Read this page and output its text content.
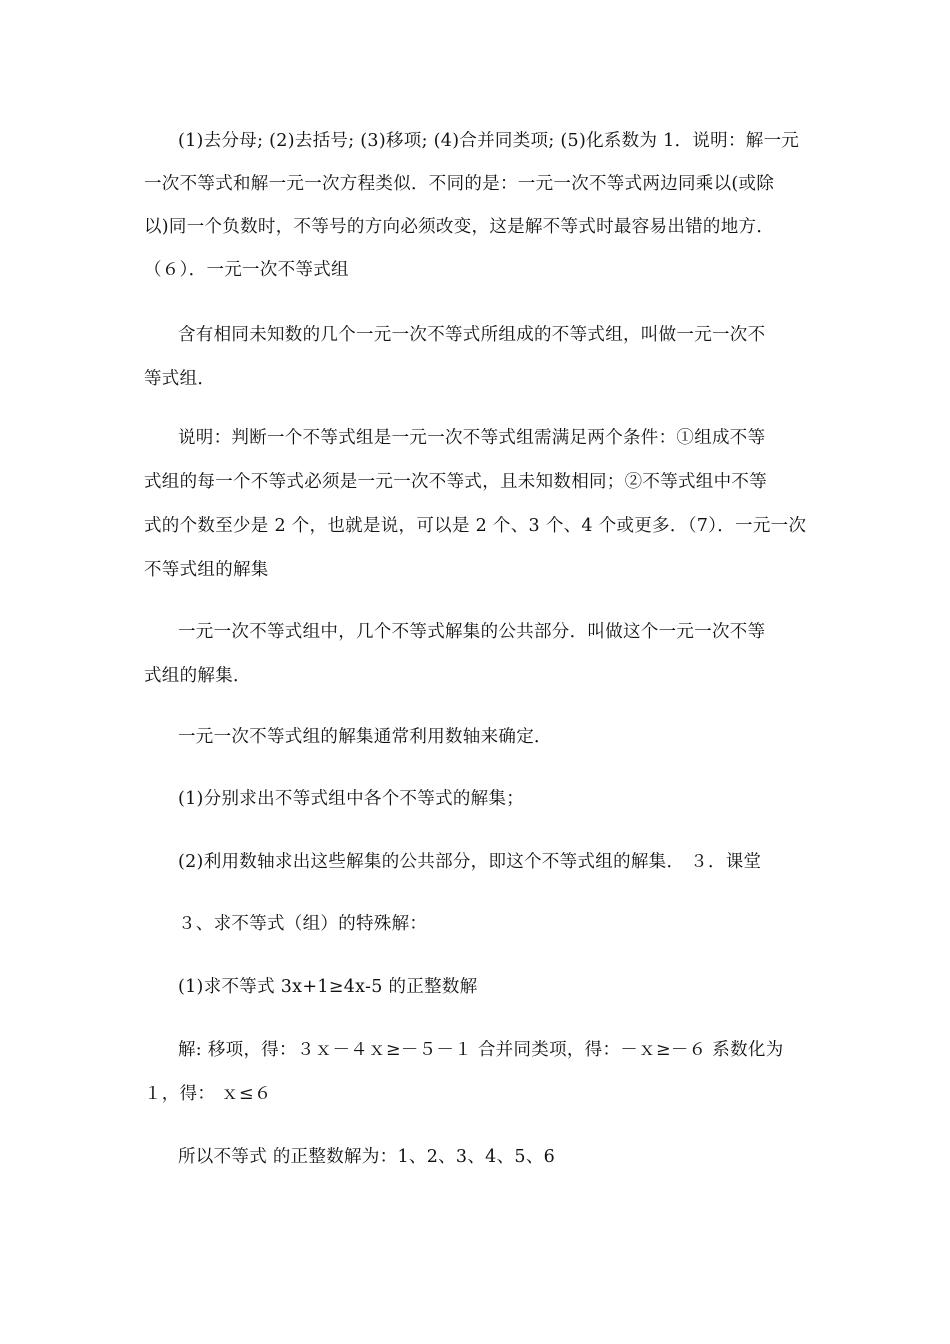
(1)去分母; (2)去括号; (3)移项; (4)合并同类项; (5)化系数为 1．说明：解一元
一次不等式和解一元一次方程类似．不同的是：一元一次不等式两边同乘以(或除
以)同一个负数时，不等号的方向必须改变，这是解不等式时最容易出错的地方．
（６）．一元一次不等式组
含有相同未知数的几个一元一次不等式所组成的不等式组，叫做一元一次不
等式组．
说明：判断一个不等式组是一元一次不等式组需满足两个条件：①组成不等
式组的每一个不等式必须是一元一次不等式，且未知数相同；②不等式组中不等
式的个数至少是 2 个，也就是说，可以是 2 个、3 个、4 个或更多．（7）．一元一次
不等式组的解集
一元一次不等式组中，几个不等式解集的公共部分．叫做这个一元一次不等
式组的解集．
一元一次不等式组的解集通常利用数轴来确定．
(1)分别求出不等式组中各个不等式的解集；
(2)利用数轴求出这些解集的公共部分，即这个不等式组的解集． ３．课堂
３、求不等式（组）的特殊解：
(1)求不等式 3x+1≥4x-5 的正整数解
解: 移项，得：３ｘ－４ｘ≥－５－１ 合并同类项，得：－ｘ≥－６ 系数化为
１，得： ｘ≤６
所以不等式 的正整数解为：1、2、3、4、5、6
